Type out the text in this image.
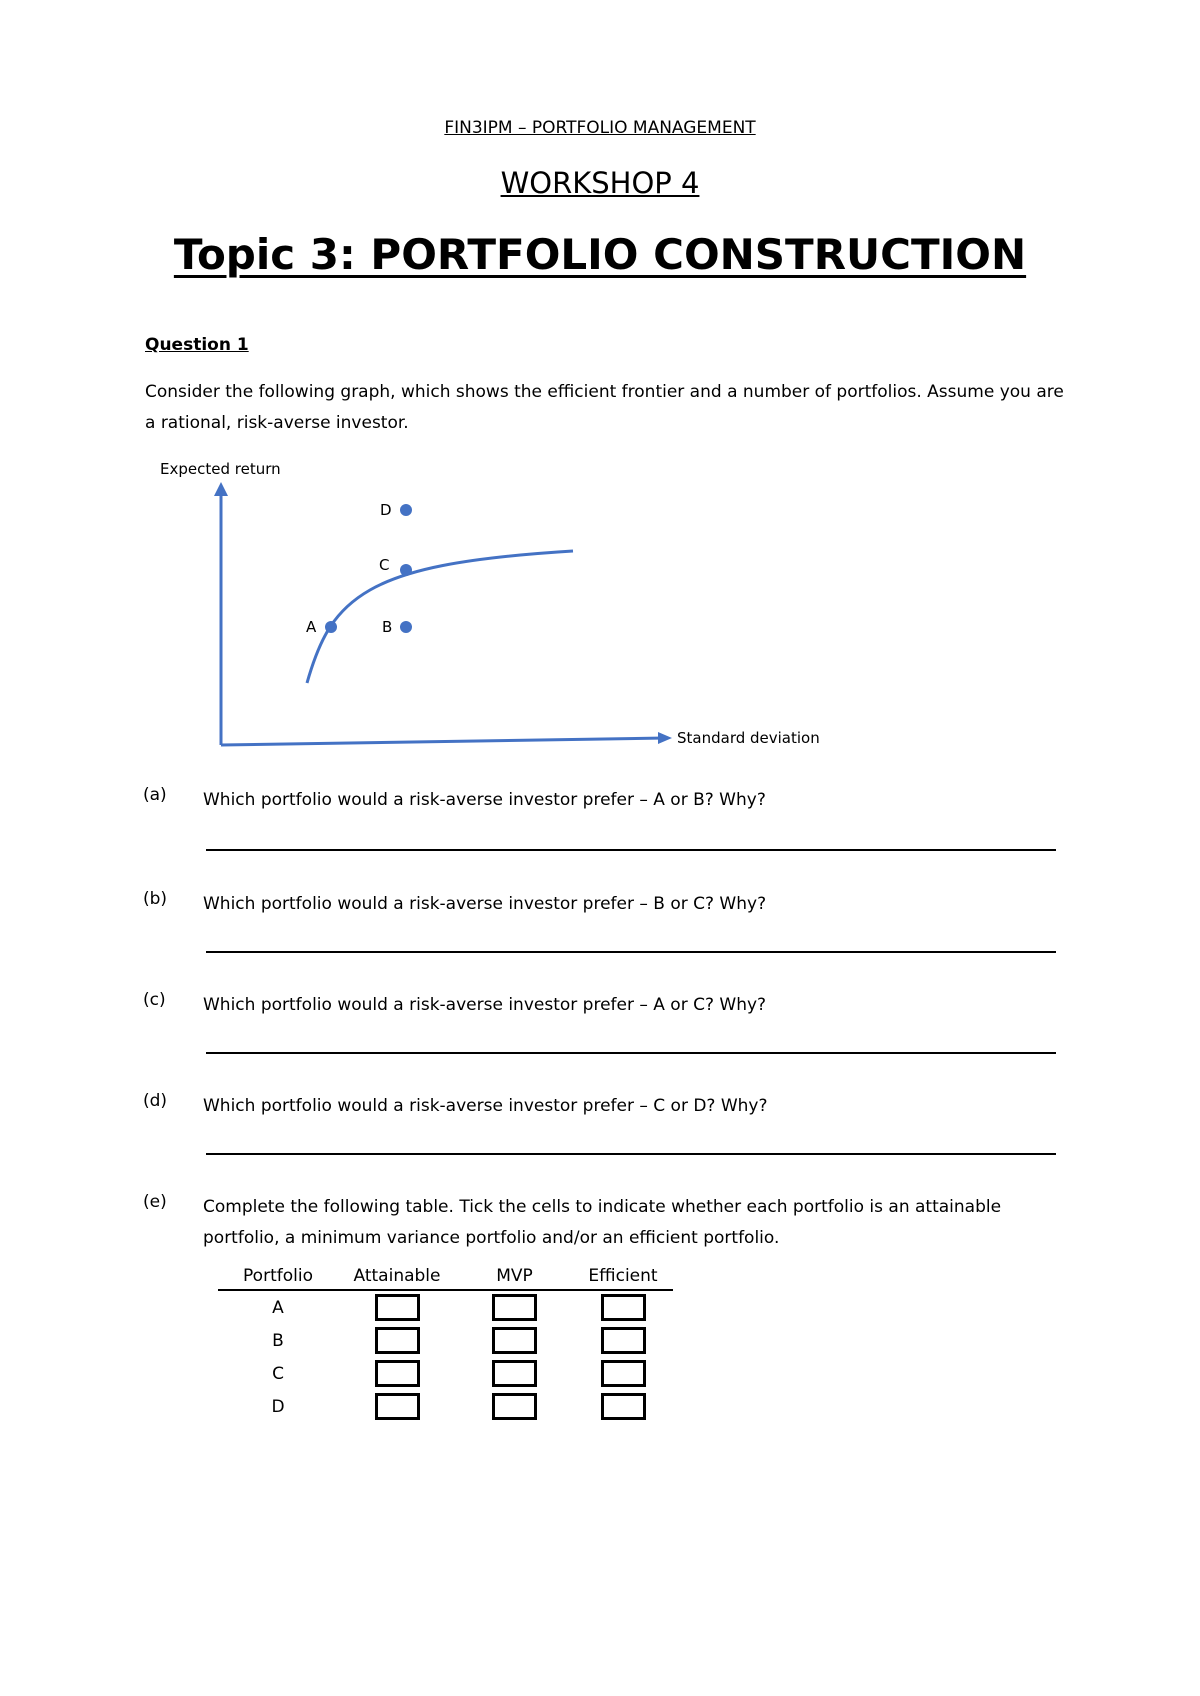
FIN3IPM – PORTFOLIO MANAGEMENT
WORKSHOP 4
Topic 3: PORTFOLIO CONSTRUCTION
Question 1
Consider the following graph, which shows the efficient frontier and a number of portfolios. Assume you are a rational, risk-averse investor.
Expected return
Standard deviation
A	B
C
D
(a) Which portfolio would a risk-averse investor prefer – A or B? Why?
(b) Which portfolio would a risk-averse investor prefer – B or C? Why?
(c) Which portfolio would a risk-averse investor prefer – A or C? Why?
(d) Which portfolio would a risk-averse investor prefer – C or D? Why?
(e) Complete the following table. Tick the cells to indicate whether each portfolio is an attainable portfolio, a minimum variance portfolio and/or an efficient portfolio.
Portfolio	Attainable	MVP	Efficient
A			
B			
C			
D			
